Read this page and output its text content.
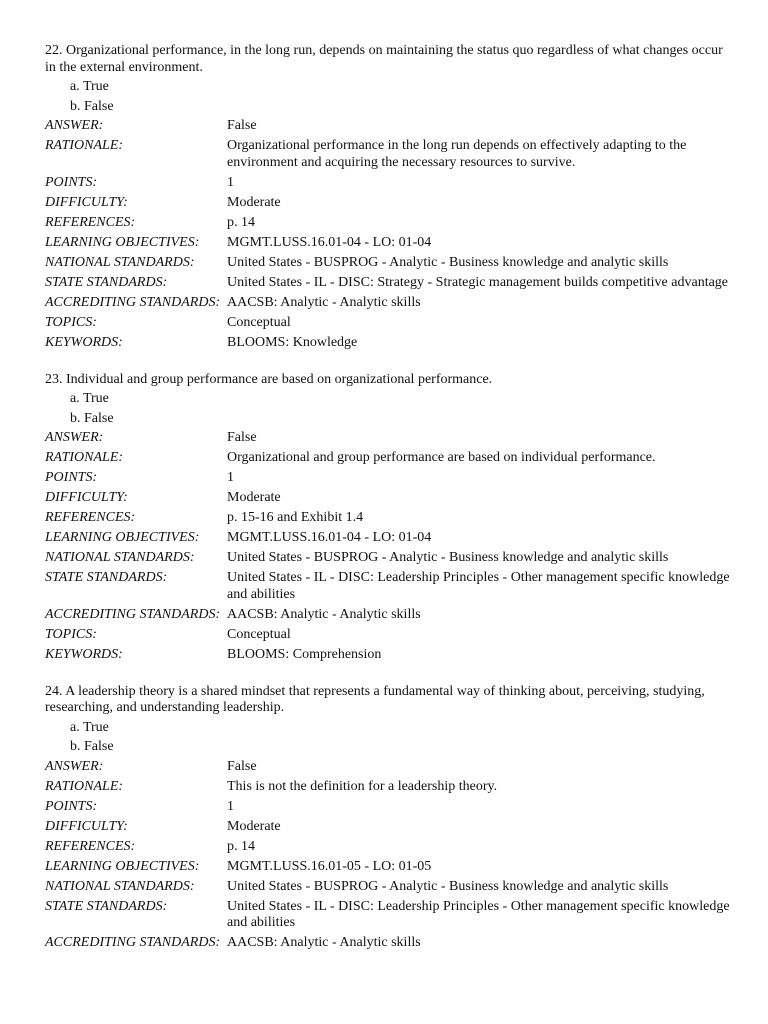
22. Organizational performance, in the long run, depends on maintaining the status quo regardless of what changes occur in the external environment.

a. True
b. False
ANSWER:	False
RATIONALE:	Organizational performance in the long run depends on effectively adapting to the environment and acquiring the necessary resources to survive.
POINTS:	1
DIFFICULTY:	Moderate
REFERENCES:	p. 14
LEARNING OBJECTIVES:	MGMT.LUSS.16.01-04 - LO: 01-04
NATIONAL STANDARDS:	United States - BUSPROG - Analytic - Business knowledge and analytic skills
STATE STANDARDS:	United States - IL - DISC: Strategy - Strategic management builds competitive advantage
ACCREDITING STANDARDS: AACSB: Analytic - Analytic skills
TOPICS:	Conceptual
KEYWORDS:	BLOOMS: Knowledge

23. Individual and group performance are based on organizational performance.

a. True
b. False
ANSWER:	False
RATIONALE:	Organizational and group performance are based on individual performance.
POINTS:	1
DIFFICULTY:	Moderate
REFERENCES:	p. 15-16 and Exhibit 1.4
LEARNING OBJECTIVES:	MGMT.LUSS.16.01-04 - LO: 01-04
NATIONAL STANDARDS:	United States - BUSPROG - Analytic - Business knowledge and analytic skills
STATE STANDARDS:	United States - IL - DISC: Leadership Principles - Other management specific knowledge and abilities
ACCREDITING STANDARDS: AACSB: Analytic - Analytic skills
TOPICS:	Conceptual
KEYWORDS:	BLOOMS: Comprehension

24. A leadership theory is a shared mindset that represents a fundamental way of thinking about, perceiving, studying, researching, and understanding leadership.

a. True
b. False
ANSWER:	False
RATIONALE:	This is not the definition for a leadership theory.
POINTS:	1
DIFFICULTY:	Moderate
REFERENCES:	p. 14
LEARNING OBJECTIVES:	MGMT.LUSS.16.01-05 - LO: 01-05
NATIONAL STANDARDS:	United States - BUSPROG - Analytic - Business knowledge and analytic skills
STATE STANDARDS:	United States - IL - DISC: Leadership Principles - Other management specific knowledge and abilities
ACCREDITING STANDARDS: AACSB: Analytic - Analytic skills
